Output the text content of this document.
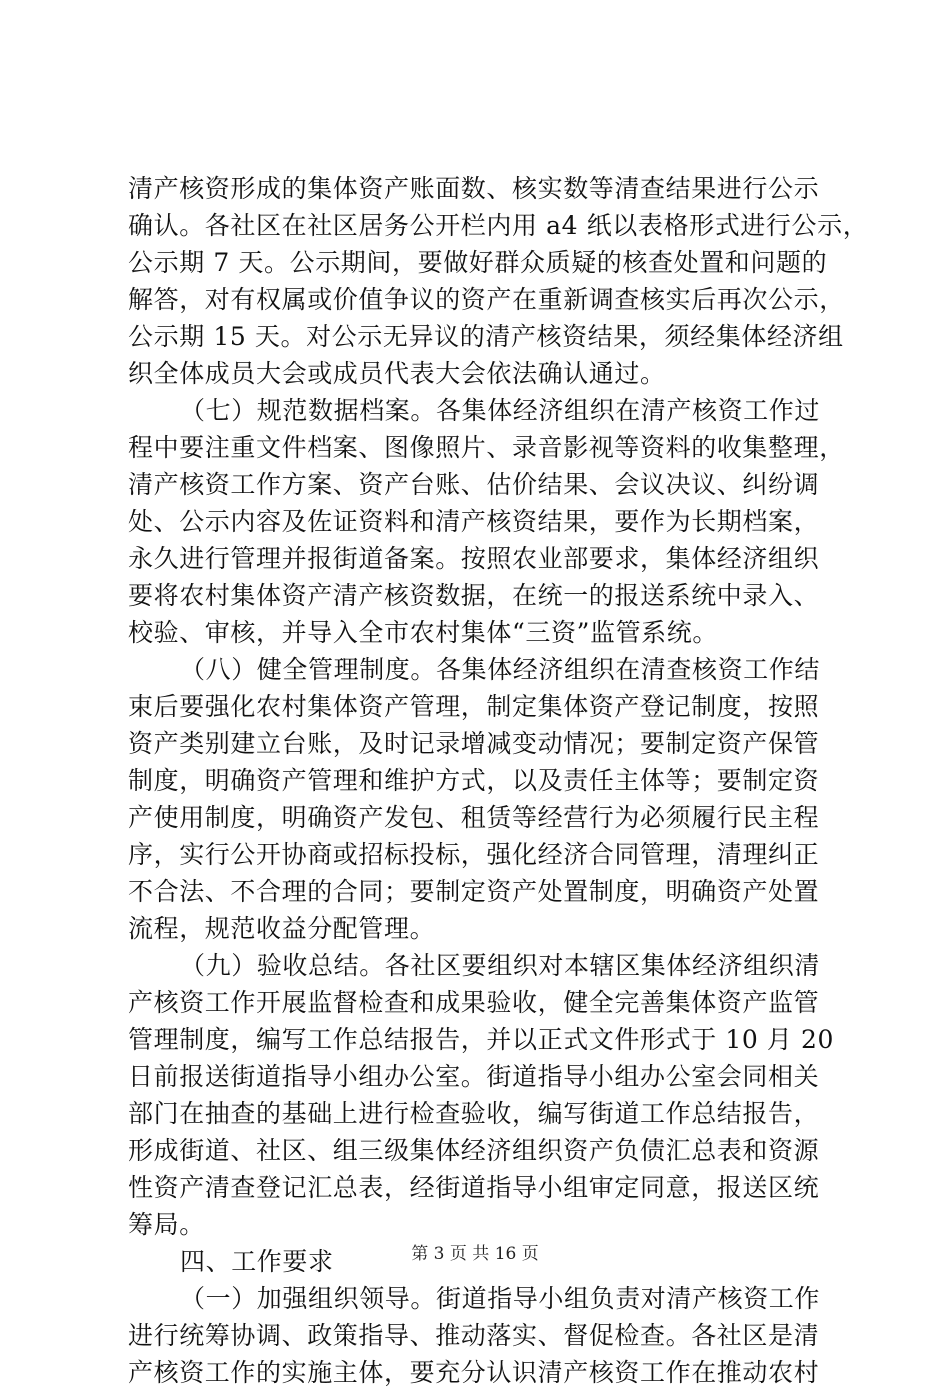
清产核资形成的集体资产账面数、核实数等清查结果进行公示
确认。各社区在社区居务公开栏内用 a4 纸以表格形式进行公示，
公示期 7 天。公示期间，要做好群众质疑的核查处置和问题的
解答，对有权属或价值争议的资产在重新调查核实后再次公示，
公示期 15 天。对公示无异议的清产核资结果，须经集体经济组
织全体成员大会或成员代表大会依法确认通过。
（七）规范数据档案。各集体经济组织在清产核资工作过
程中要注重文件档案、图像照片、录音影视等资料的收集整理，
清产核资工作方案、资产台账、估价结果、会议决议、纠纷调
处、公示内容及佐证资料和清产核资结果，要作为长期档案，
永久进行管理并报街道备案。按照农业部要求，集体经济组织
要将农村集体资产清产核资数据，在统一的报送系统中录入、
校验、审核，并导入全市农村集体“三资”监管系统。
（八）健全管理制度。各集体经济组织在清查核资工作结
束后要强化农村集体资产管理，制定集体资产登记制度，按照
资产类别建立台账，及时记录增减变动情况；要制定资产保管
制度，明确资产管理和维护方式，以及责任主体等；要制定资
产使用制度，明确资产发包、租赁等经营行为必须履行民主程
序，实行公开协商或招标投标，强化经济合同管理，清理纠正
不合法、不合理的合同；要制定资产处置制度，明确资产处置
流程，规范收益分配管理。
（九）验收总结。各社区要组织对本辖区集体经济组织清
产核资工作开展监督检查和成果验收，健全完善集体资产监管
管理制度，编写工作总结报告，并以正式文件形式于 10 月 20
日前报送街道指导小组办公室。街道指导小组办公室会同相关
部门在抽查的基础上进行检查验收，编写街道工作总结报告，
形成街道、社区、组三级集体经济组织资产负债汇总表和资源
性资产清查登记汇总表，经街道指导小组审定同意，报送区统
筹局。
四、工作要求
（一）加强组织领导。街道指导小组负责对清产核资工作
进行统筹协调、政策指导、推动落实、督促检查。各社区是清
产核资工作的实施主体，要充分认识清产核资工作在推动农村
第 3 页 共 16 页
